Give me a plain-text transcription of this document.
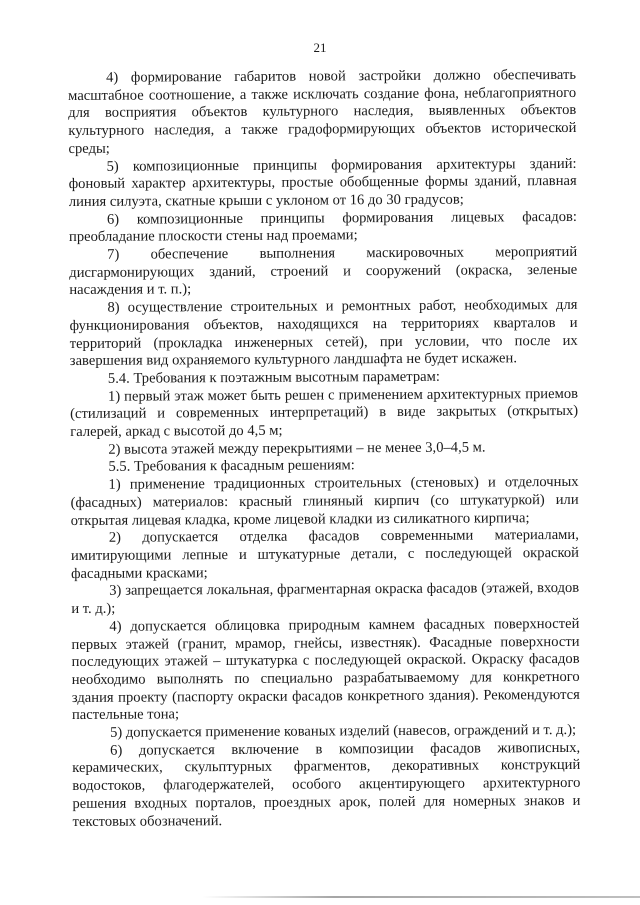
21

4) формирование габаритов новой застройки должно обеспечивать масштабное соотношение, а также исключать создание фона, неблагоприятного для восприятия объектов культурного наследия, выявленных объектов культурного наследия, а также градоформирующих объектов исторической среды;

5) композиционные принципы формирования архитектуры зданий: фоновый характер архитектуры, простые обобщенные формы зданий, плавная линия силуэта, скатные крыши с уклоном от 16 до 30 градусов;

6) композиционные принципы формирования лицевых фасадов: преобладание плоскости стены над проемами;

7) обеспечение выполнения маскировочных мероприятий дисгармонирующих зданий, строений и сооружений (окраска, зеленые насаждения и т. п.);

8) осуществление строительных и ремонтных работ, необходимых для функционирования объектов, находящихся на территориях кварталов и территорий (прокладка инженерных сетей), при условии, что после их завершения вид охраняемого культурного ландшафта не будет искажен.

5.4. Требования к поэтажным высотным параметрам:

1) первый этаж может быть решен с применением архитектурных приемов (стилизаций и современных интерпретаций) в виде закрытых (открытых) галерей, аркад с высотой до 4,5 м;

2) высота этажей между перекрытиями – не менее 3,0–4,5 м.

5.5. Требования к фасадным решениям:

1) применение традиционных строительных (стеновых) и отделочных (фасадных) материалов: красный глиняный кирпич (со штукатуркой) или открытая лицевая кладка, кроме лицевой кладки из силикатного кирпича;

2) допускается отделка фасадов современными материалами, имитирующими лепные и штукатурные детали, с последующей окраской фасадными красками;

3) запрещается локальная, фрагментарная окраска фасадов (этажей, входов и т. д.);

4) допускается облицовка природным камнем фасадных поверхностей первых этажей (гранит, мрамор, гнейсы, известняк). Фасадные поверхности последующих этажей – штукатурка с последующей окраской. Окраску фасадов необходимо выполнять по специально разрабатываемому для конкретного здания проекту (паспорту окраски фасадов конкретного здания). Рекомендуются пастельные тона;

5) допускается применение кованых изделий (навесов, ограждений и т. д.);

6) допускается включение в композиции фасадов живописных, керамических, скульптурных фрагментов, декоративных конструкций водостоков, флагодержателей, особого акцентирующего архитектурного решения входных порталов, проездных арок, полей для номерных знаков и текстовых обозначений.
